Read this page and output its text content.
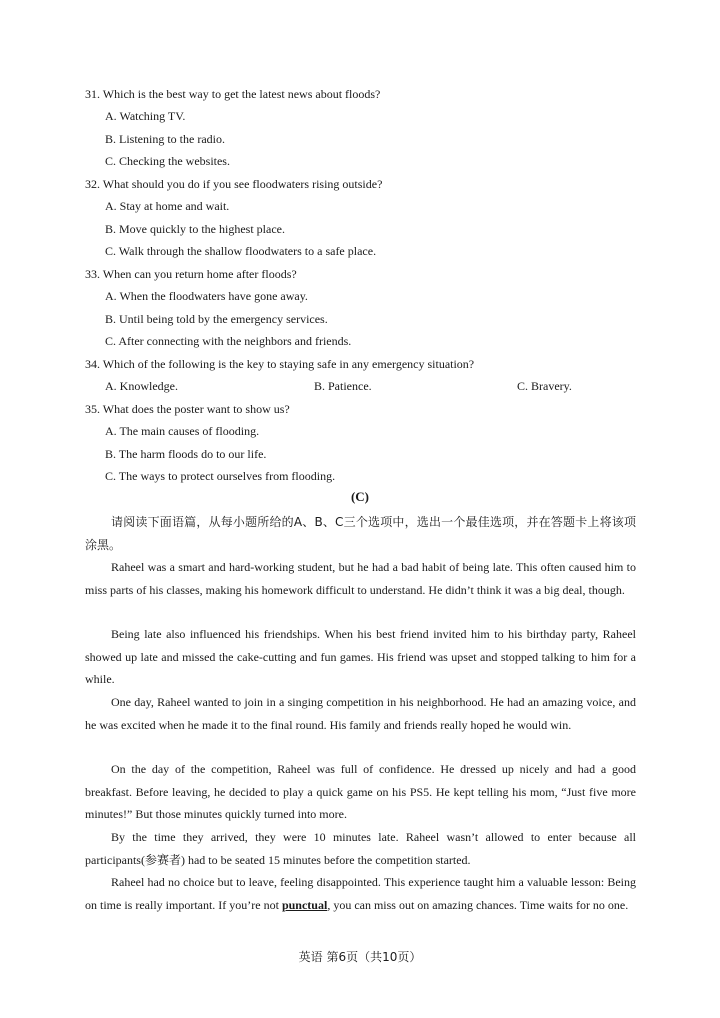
31. Which is the best way to get the latest news about floods?
A. Watching TV.
B. Listening to the radio.
C. Checking the websites.
32. What should you do if you see floodwaters rising outside?
A. Stay at home and wait.
B. Move quickly to the highest place.
C. Walk through the shallow floodwaters to a safe place.
33. When can you return home after floods?
A. When the floodwaters have gone away.
B. Until being told by the emergency services.
C. After connecting with the neighbors and friends.
34. Which of the following is the key to staying safe in any emergency situation?
A. Knowledge.	B. Patience.	C. Bravery.
35. What does the poster want to show us?
A. The main causes of flooding.
B. The harm floods do to our life.
C. The ways to protect ourselves from flooding.
(C)
请阅读下面语篇，从每小题所给的A、B、C三个选项中，选出一个最佳选项，并在答题卡上将该项涂黑。
Raheel was a smart and hard-working student, but he had a bad habit of being late. This often caused him to miss parts of his classes, making his homework difficult to understand. He didn’t think it was a big deal, though.
Being late also influenced his friendships. When his best friend invited him to his birthday party, Raheel showed up late and missed the cake-cutting and fun games. His friend was upset and stopped talking to him for a while.
One day, Raheel wanted to join in a singing competition in his neighborhood. He had an amazing voice, and he was excited when he made it to the final round. His family and friends really hoped he would win.
On the day of the competition, Raheel was full of confidence. He dressed up nicely and had a good breakfast. Before leaving, he decided to play a quick game on his PS5. He kept telling his mom, “Just five more minutes!” But those minutes quickly turned into more.
By the time they arrived, they were 10 minutes late. Raheel wasn’t allowed to enter because all participants(参赛者) had to be seated 15 minutes before the competition started.
Raheel had no choice but to leave, feeling disappointed. This experience taught him a valuable lesson: Being on time is really important. If you’re not punctual, you can miss out on amazing chances. Time waits for no one.
英语 第6页（共10页）
